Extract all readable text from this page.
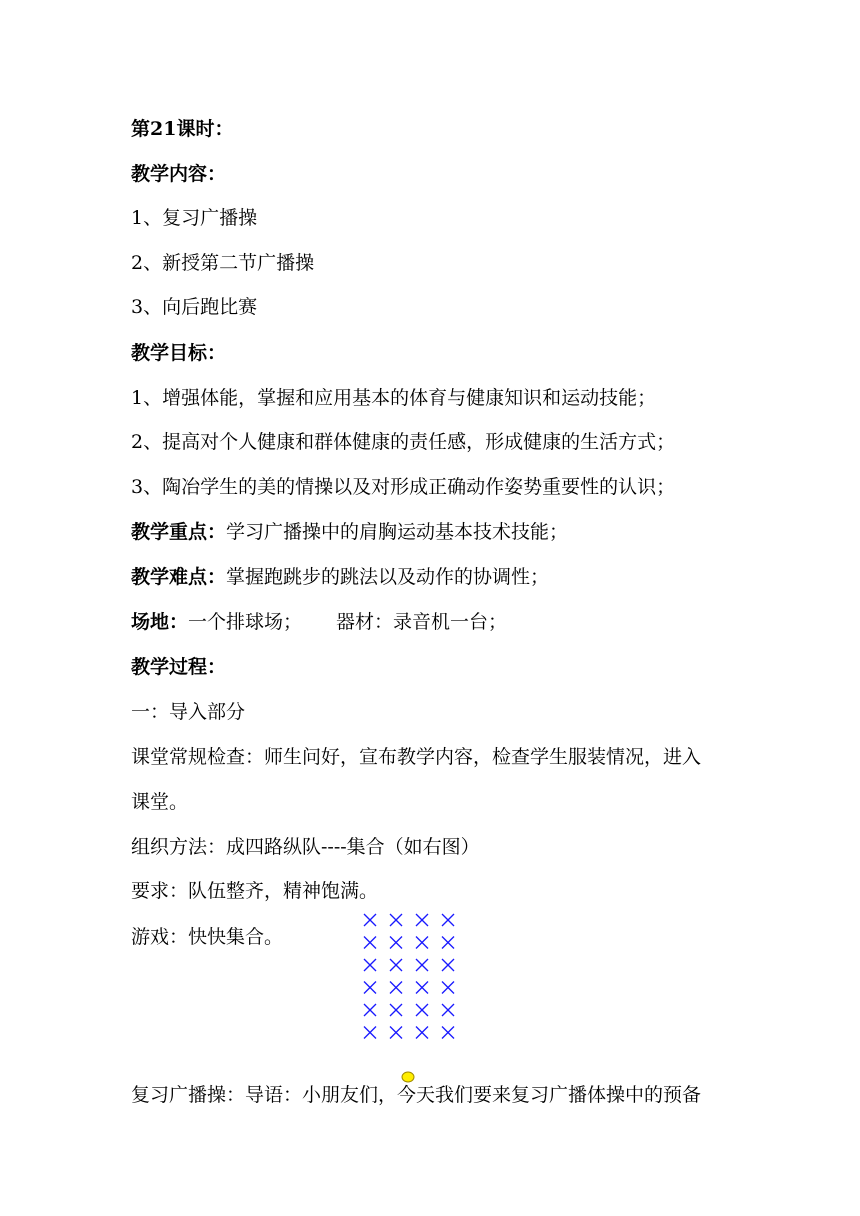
第21课时：
教学内容：
1、复习广播操
2、新授第二节广播操
3、向后跑比赛
教学目标：
1、增强体能，掌握和应用基本的体育与健康知识和运动技能；
2、提高对个人健康和群体健康的责任感，形成健康的生活方式；
3、陶冶学生的美的情操以及对形成正确动作姿势重要性的认识；
教学重点：学习广播操中的肩胸运动基本技术技能；
教学难点：掌握跑跳步的跳法以及动作的协调性；
场地：一个排球场； 器材：录音机一台；
教学过程：
一：导入部分
课堂常规检查：师生问好，宣布教学内容，检查学生服装情况，进入
课堂。
组织方法：成四路纵队----集合（如右图）
要求：队伍整齐，精神饱满。
游戏：快快集合。
复习广播操：导语：小朋友们，今天我们要来复习广播体操中的预备
